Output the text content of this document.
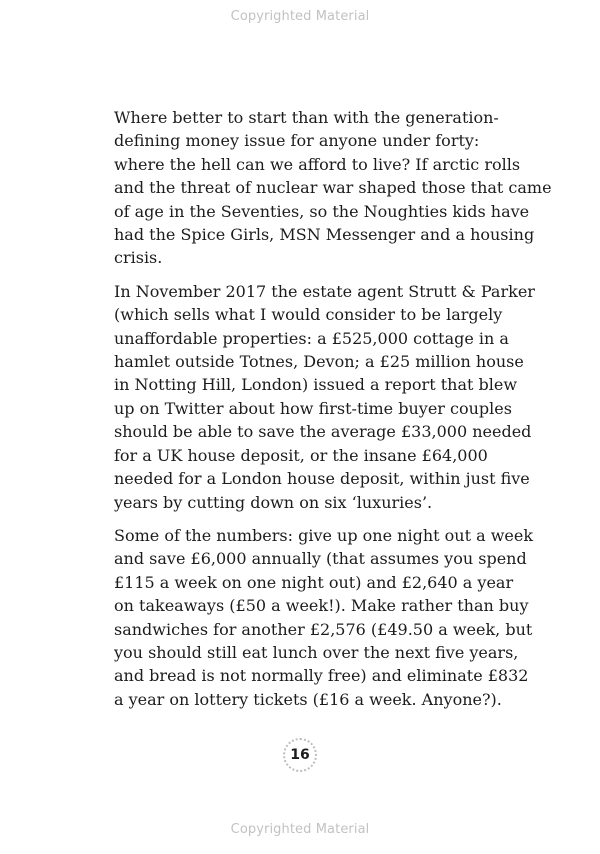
Copyrighted Material

Where better to start than with the generation-
defining money issue for anyone under forty:
where the hell can we afford to live? If arctic rolls
and the threat of nuclear war shaped those that came
of age in the Seventies, so the Noughties kids have
had the Spice Girls, MSN Messenger and a housing
crisis.

In November 2017 the estate agent Strutt & Parker
(which sells what I would consider to be largely
unaffordable properties: a £525,000 cottage in a
hamlet outside Totnes, Devon; a £25 million house
in Notting Hill, London) issued a report that blew
up on Twitter about how first-time buyer couples
should be able to save the average £33,000 needed
for a UK house deposit, or the insane £64,000
needed for a London house deposit, within just five
years by cutting down on six ‘luxuries’.

Some of the numbers: give up one night out a week
and save £6,000 annually (that assumes you spend
£115 a week on one night out) and £2,640 a year
on takeaways (£50 a week!). Make rather than buy
sandwiches for another £2,576 (£49.50 a week, but
you should still eat lunch over the next five years,
and bread is not normally free) and eliminate £832
a year on lottery tickets (£16 a week. Anyone?).

16
Copyrighted Material
